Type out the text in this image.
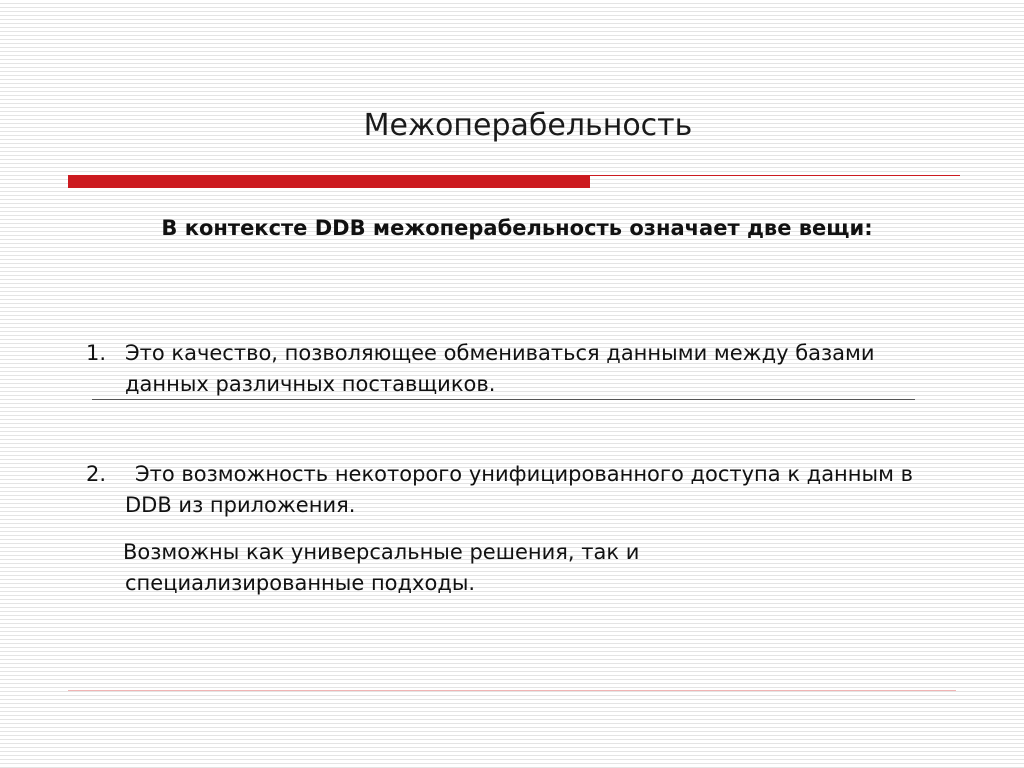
Межоперабельность

В контексте DDB межоперабельность означает две вещи:

1. Это качество, позволяющее обмениваться данными между базами данных различных поставщиков.
2.	Это возможность некоторого унифицированного доступа к данным в DDB из приложения.
Возможны как универсальные решения, так и специализированные подходы.
